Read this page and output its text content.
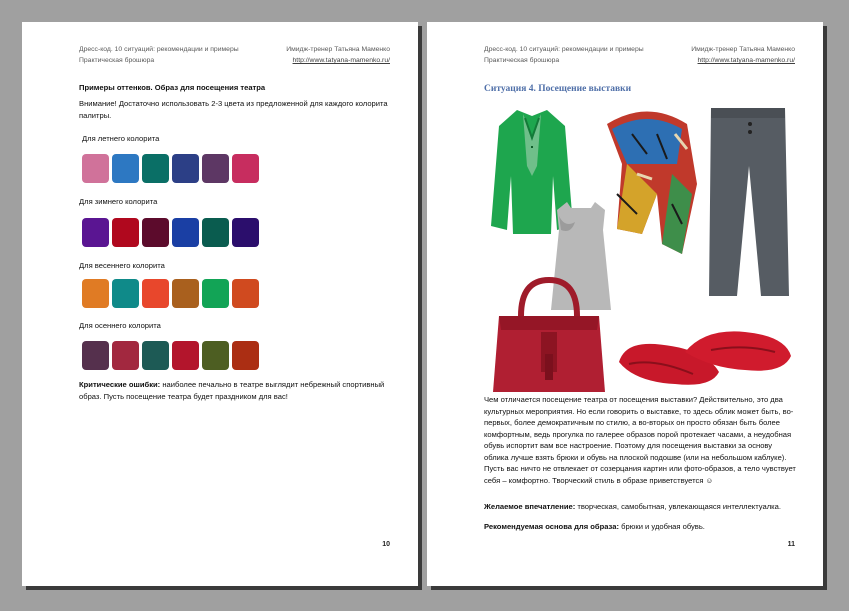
Дресс-код. 10 ситуаций: рекомендации и примеры	Имидж-тренер Татьяна Маменко
Практическая брошюра	http://www.tatyana-mamenko.ru/
Примеры оттенков. Образ для посещения театра
Внимание! Достаточно использовать 2-3 цвета из предложенной для каждого колорита палитры.
Для летнего колорита
Для зимнего колорита
Для весеннего колорита
Для осеннего колорита
Критические ошибки: наиболее печально в театре выглядит небрежный спортивный образ. Пусть посещение театра будет праздником для вас!
10
Дресс-код. 10 ситуаций: рекомендации и примеры	Имидж-тренер Татьяна Маменко
Практическая брошюра	http://www.tatyana-mamenko.ru/
Ситуация 4. Посещение выставки
Чем отличается посещение театра от посещения выставки? Действительно, это два культурных мероприятия. Но если говорить о выставке, то здесь облик может быть, во-первых, более демократичным по стилю, а во-вторых он просто обязан быть более комфортным, ведь прогулка по галерее образов порой протекает часами, а неудобная обувь испортит вам все настроение. Поэтому для посещения выставки за основу облика лучше взять брюки и обувь на плоской подошве (или на небольшом каблуке). Пусть вас ничто не отвлекает от созерцания картин или фото-образов, а тело чувствует себя – комфортно. Творческий стиль в образе приветствуется ☺
Желаемое впечатление: творческая, самобытная, увлекающаяся интеллектуалка.
Рекомендуемая основа для образа: брюки и удобная обувь.
11
